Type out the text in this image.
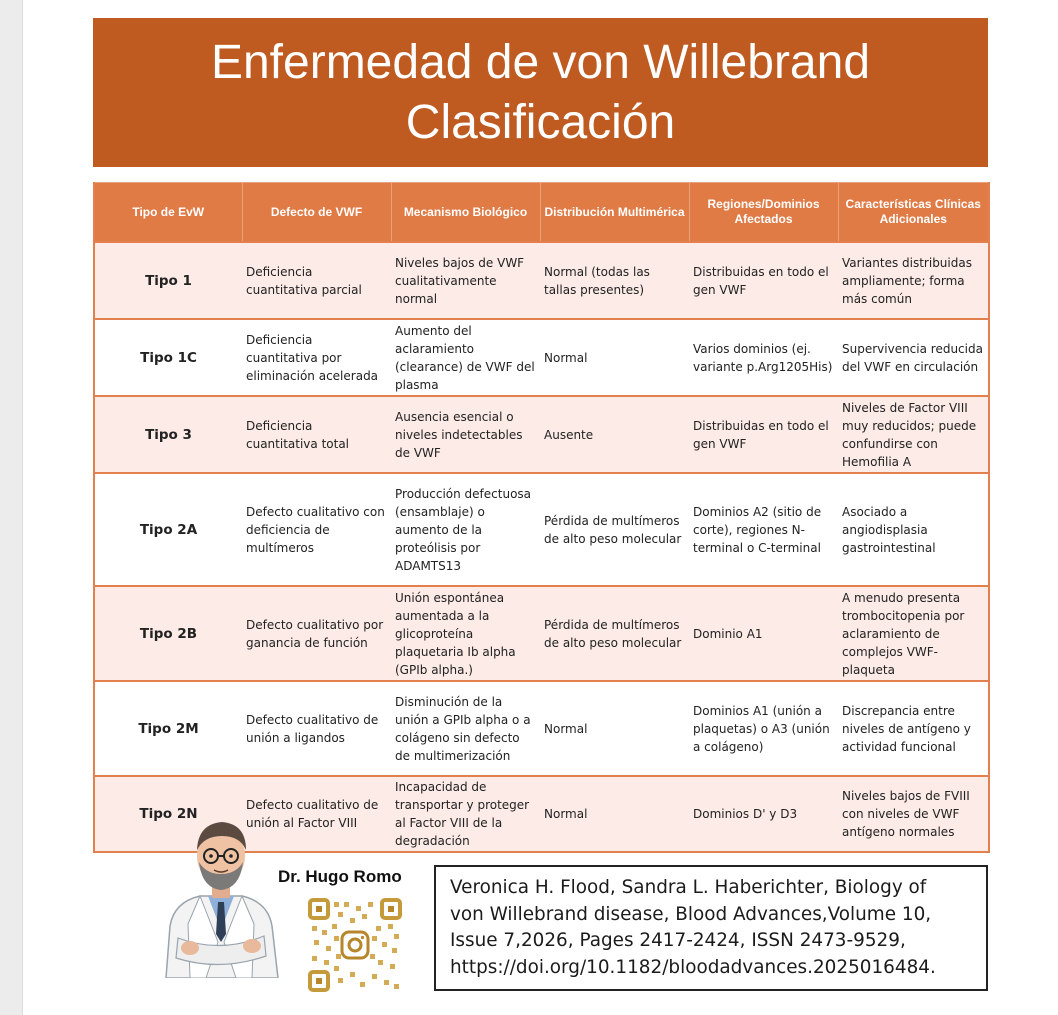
Enfermedad de von Willebrand
Clasificación
Tipo de EvW	Defecto de VWF	Mecanismo Biológico	Distribución Multimérica	Regiones/Dominios Afectados	Características Clínicas Adicionales
Tipo 1	Deficiencia cuantitativa parcial	Niveles bajos de VWF cualitativamente normal	Normal (todas las tallas presentes)	Distribuidas en todo el gen VWF	Variantes distribuidas ampliamente; forma más común
Tipo 1C	Deficiencia cuantitativa por eliminación acelerada	Aumento del aclaramiento (clearance) de VWF del plasma	Normal	Varios dominios (ej. variante p.Arg1205His)	Supervivencia reducida del VWF en circulación
Tipo 3	Deficiencia cuantitativa total	Ausencia esencial o niveles indetectables de VWF	Ausente	Distribuidas en todo el gen VWF	Niveles de Factor VIII muy reducidos; puede confundirse con Hemofilia A
Tipo 2A	Defecto cualitativo con deficiencia de multímeros	Producción defectuosa (ensamblaje) o aumento de la proteólisis por ADAMTS13	Pérdida de multímeros de alto peso molecular	Dominios A2 (sitio de corte), regiones N-terminal o C-terminal	Asociado a angiodisplasia gastrointestinal
Tipo 2B	Defecto cualitativo por ganancia de función	Unión espontánea aumentada a la glicoproteína plaquetaria Ib alpha (GPIb alpha.)	Pérdida de multímeros de alto peso molecular	Dominio A1	A menudo presenta trombocitopenia por aclaramiento de complejos VWF-plaqueta
Tipo 2M	Defecto cualitativo de unión a ligandos	Disminución de la unión a GPIb alpha o a colágeno sin defecto de multimerización	Normal	Dominios A1 (unión a plaquetas) o A3 (unión a colágeno)	Discrepancia entre niveles de antígeno y actividad funcional
Tipo 2N	Defecto cualitativo de unión al Factor VIII	Incapacidad de transportar y proteger al Factor VIII de la degradación	Normal	Dominios D' y D3	Niveles bajos de FVIII con niveles de VWF antígeno normales
Dr. Hugo Romo
Veronica H. Flood, Sandra L. Haberichter, Biology of
von Willebrand disease, Blood Advances,Volume 10,
Issue 7,2026, Pages 2417-2424, ISSN 2473-9529,
https://doi.org/10.1182/bloodadvances.2025016484.
